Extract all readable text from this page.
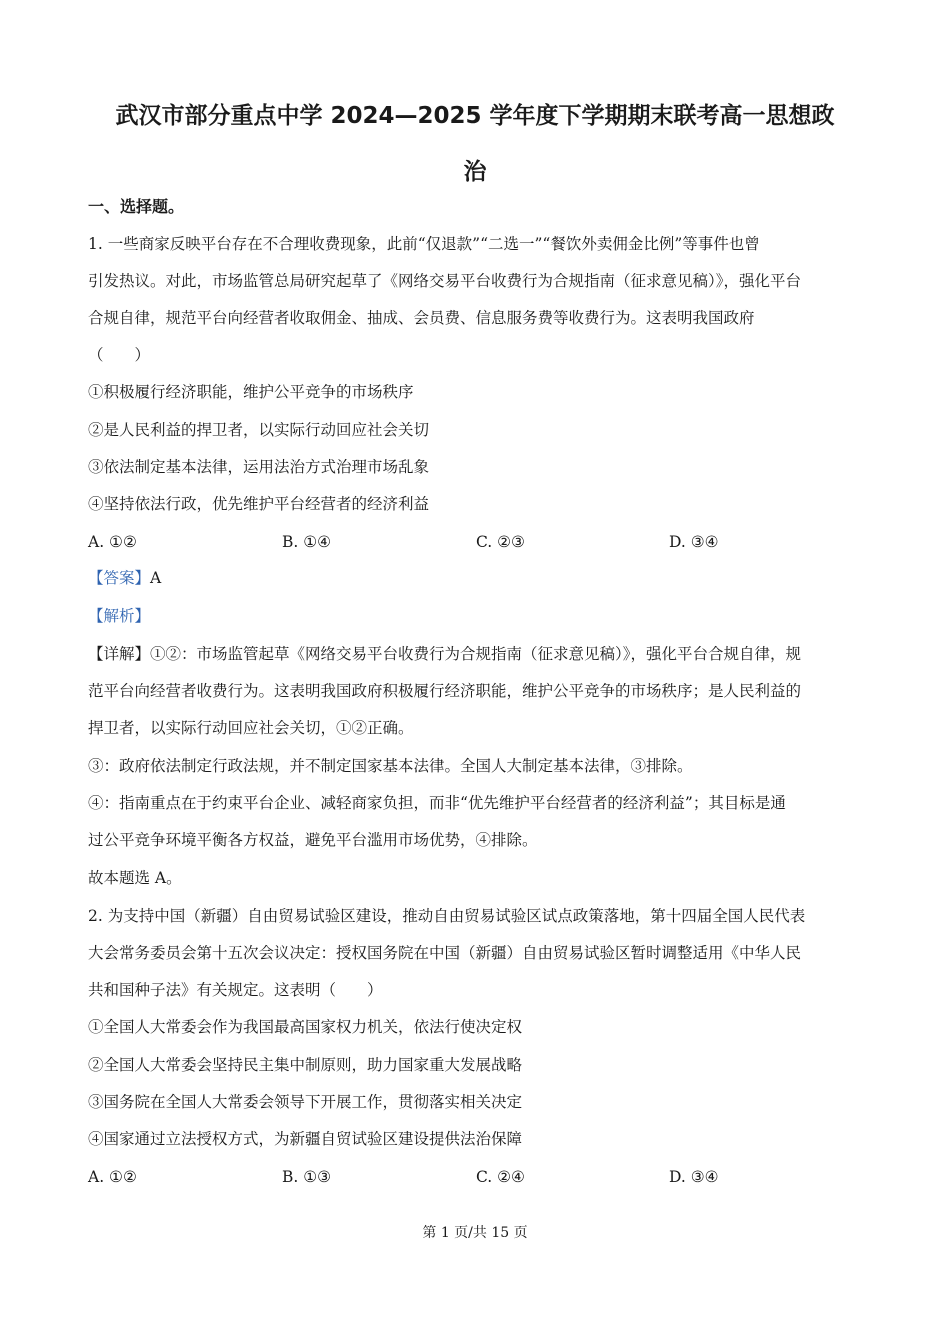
武汉市部分重点中学 2024—2025 学年度下学期期末联考高一思想政
治
一、选择题。
1. 一些商家反映平台存在不合理收费现象，此前“仅退款”“二选一”“餐饮外卖佣金比例”等事件也曾
引发热议。对此，市场监管总局研究起草了《网络交易平台收费行为合规指南（征求意见稿）》，强化平台
合规自律，规范平台向经营者收取佣金、抽成、会员费、信息服务费等收费行为。这表明我国政府
（　　）
①积极履行经济职能，维护公平竞争的市场秩序
②是人民利益的捍卫者，以实际行动回应社会关切
③依法制定基本法律，运用法治方式治理市场乱象
④坚持依法行政，优先维护平台经营者的经济利益
A. ①②	B. ①④	C. ②③	D. ③④
【答案】A
【解析】
【详解】①②：市场监管起草《网络交易平台收费行为合规指南（征求意见稿）》，强化平台合规自律，规
范平台向经营者收费行为。这表明我国政府积极履行经济职能，维护公平竞争的市场秩序；是人民利益的
捍卫者，以实际行动回应社会关切，①②正确。
③：政府依法制定行政法规，并不制定国家基本法律。全国人大制定基本法律，③排除。
④：指南重点在于约束平台企业、减轻商家负担，而非“优先维护平台经营者的经济利益”；其目标是通
过公平竞争环境平衡各方权益，避免平台滥用市场优势，④排除。
故本题选 A。
2. 为支持中国（新疆）自由贸易试验区建设，推动自由贸易试验区试点政策落地，第十四届全国人民代表
大会常务委员会第十五次会议决定：授权国务院在中国（新疆）自由贸易试验区暂时调整适用《中华人民
共和国种子法》有关规定。这表明（　　）
①全国人大常委会作为我国最高国家权力机关，依法行使决定权
②全国人大常委会坚持民主集中制原则，助力国家重大发展战略
③国务院在全国人大常委会领导下开展工作，贯彻落实相关决定
④国家通过立法授权方式，为新疆自贸试验区建设提供法治保障
A. ①②	B. ①③	C. ②④	D. ③④
第 1 页/共 15 页
